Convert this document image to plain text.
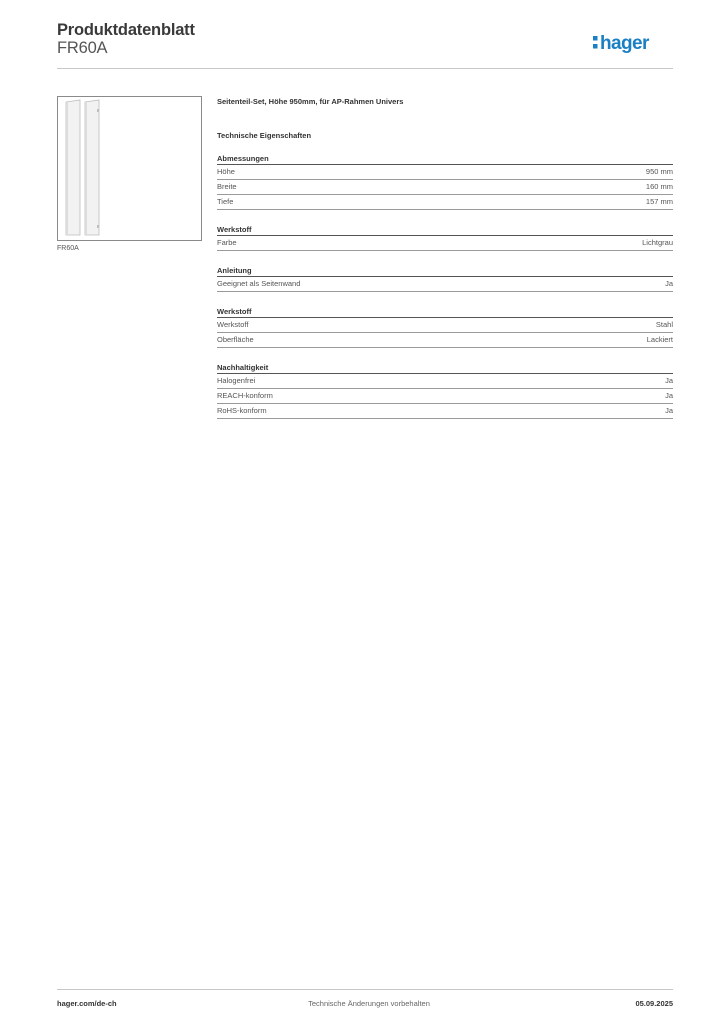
Produktdatenblatt
FR60A	hager
FR60A
Seitenteil-Set, Höhe 950mm, für AP-Rahmen Univers
Technische Eigenschaften
Abmessungen
Höhe	950 mm
Breite	160 mm
Tiefe	157 mm
Werkstoff
Farbe	Lichtgrau
Anleitung
Geeignet als Seitenwand	Ja
Werkstoff
Werkstoff	Stahl
Oberfläche	Lackiert
Nachhaltigkeit
Halogenfrei	Ja
REACH-konform	Ja
RoHS-konform	Ja
hager.com/de-ch	Technische Änderungen vorbehalten	05.09.2025
